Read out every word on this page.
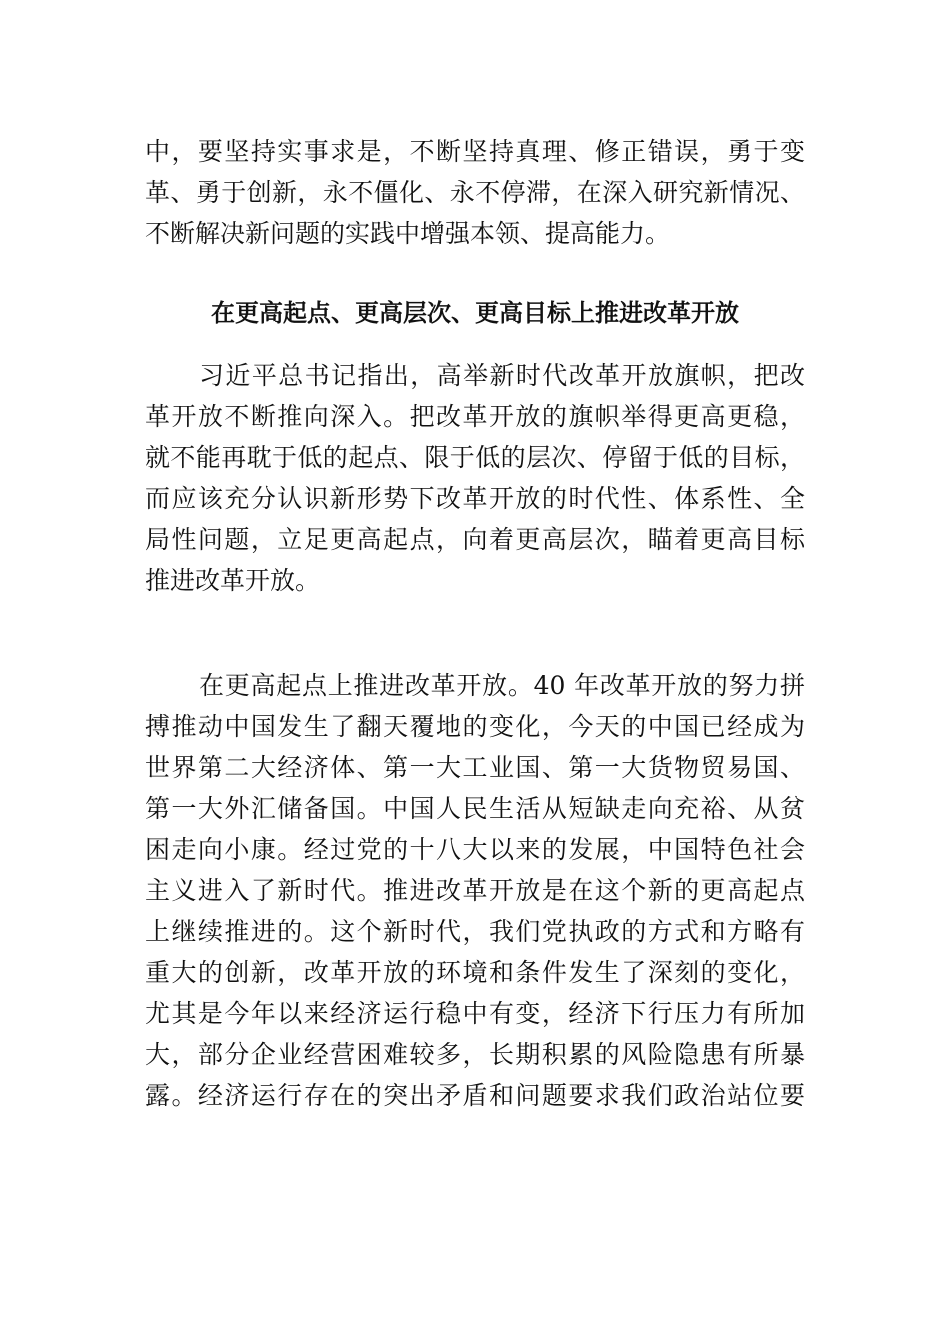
中，要坚持实事求是，不断坚持真理、修正错误，勇于变
革、勇于创新，永不僵化、永不停滞，在深入研究新情况、
不断解决新问题的实践中增强本领、提高能力。
在更高起点、更高层次、更高目标上推进改革开放
习近平总书记指出，高举新时代改革开放旗帜，把改
革开放不断推向深入。把改革开放的旗帜举得更高更稳，
就不能再耽于低的起点、限于低的层次、停留于低的目标，
而应该充分认识新形势下改革开放的时代性、体系性、全
局性问题，立足更高起点，向着更高层次，瞄着更高目标
推进改革开放。
在更高起点上推进改革开放。40 年改革开放的努力拼
搏推动中国发生了翻天覆地的变化，今天的中国已经成为
世界第二大经济体、第一大工业国、第一大货物贸易国、
第一大外汇储备国。中国人民生活从短缺走向充裕、从贫
困走向小康。经过党的十八大以来的发展，中国特色社会
主义进入了新时代。推进改革开放是在这个新的更高起点
上继续推进的。这个新时代，我们党执政的方式和方略有
重大的创新，改革开放的环境和条件发生了深刻的变化，
尤其是今年以来经济运行稳中有变，经济下行压力有所加
大，部分企业经营困难较多，长期积累的风险隐患有所暴
露。经济运行存在的突出矛盾和问题要求我们政治站位要
